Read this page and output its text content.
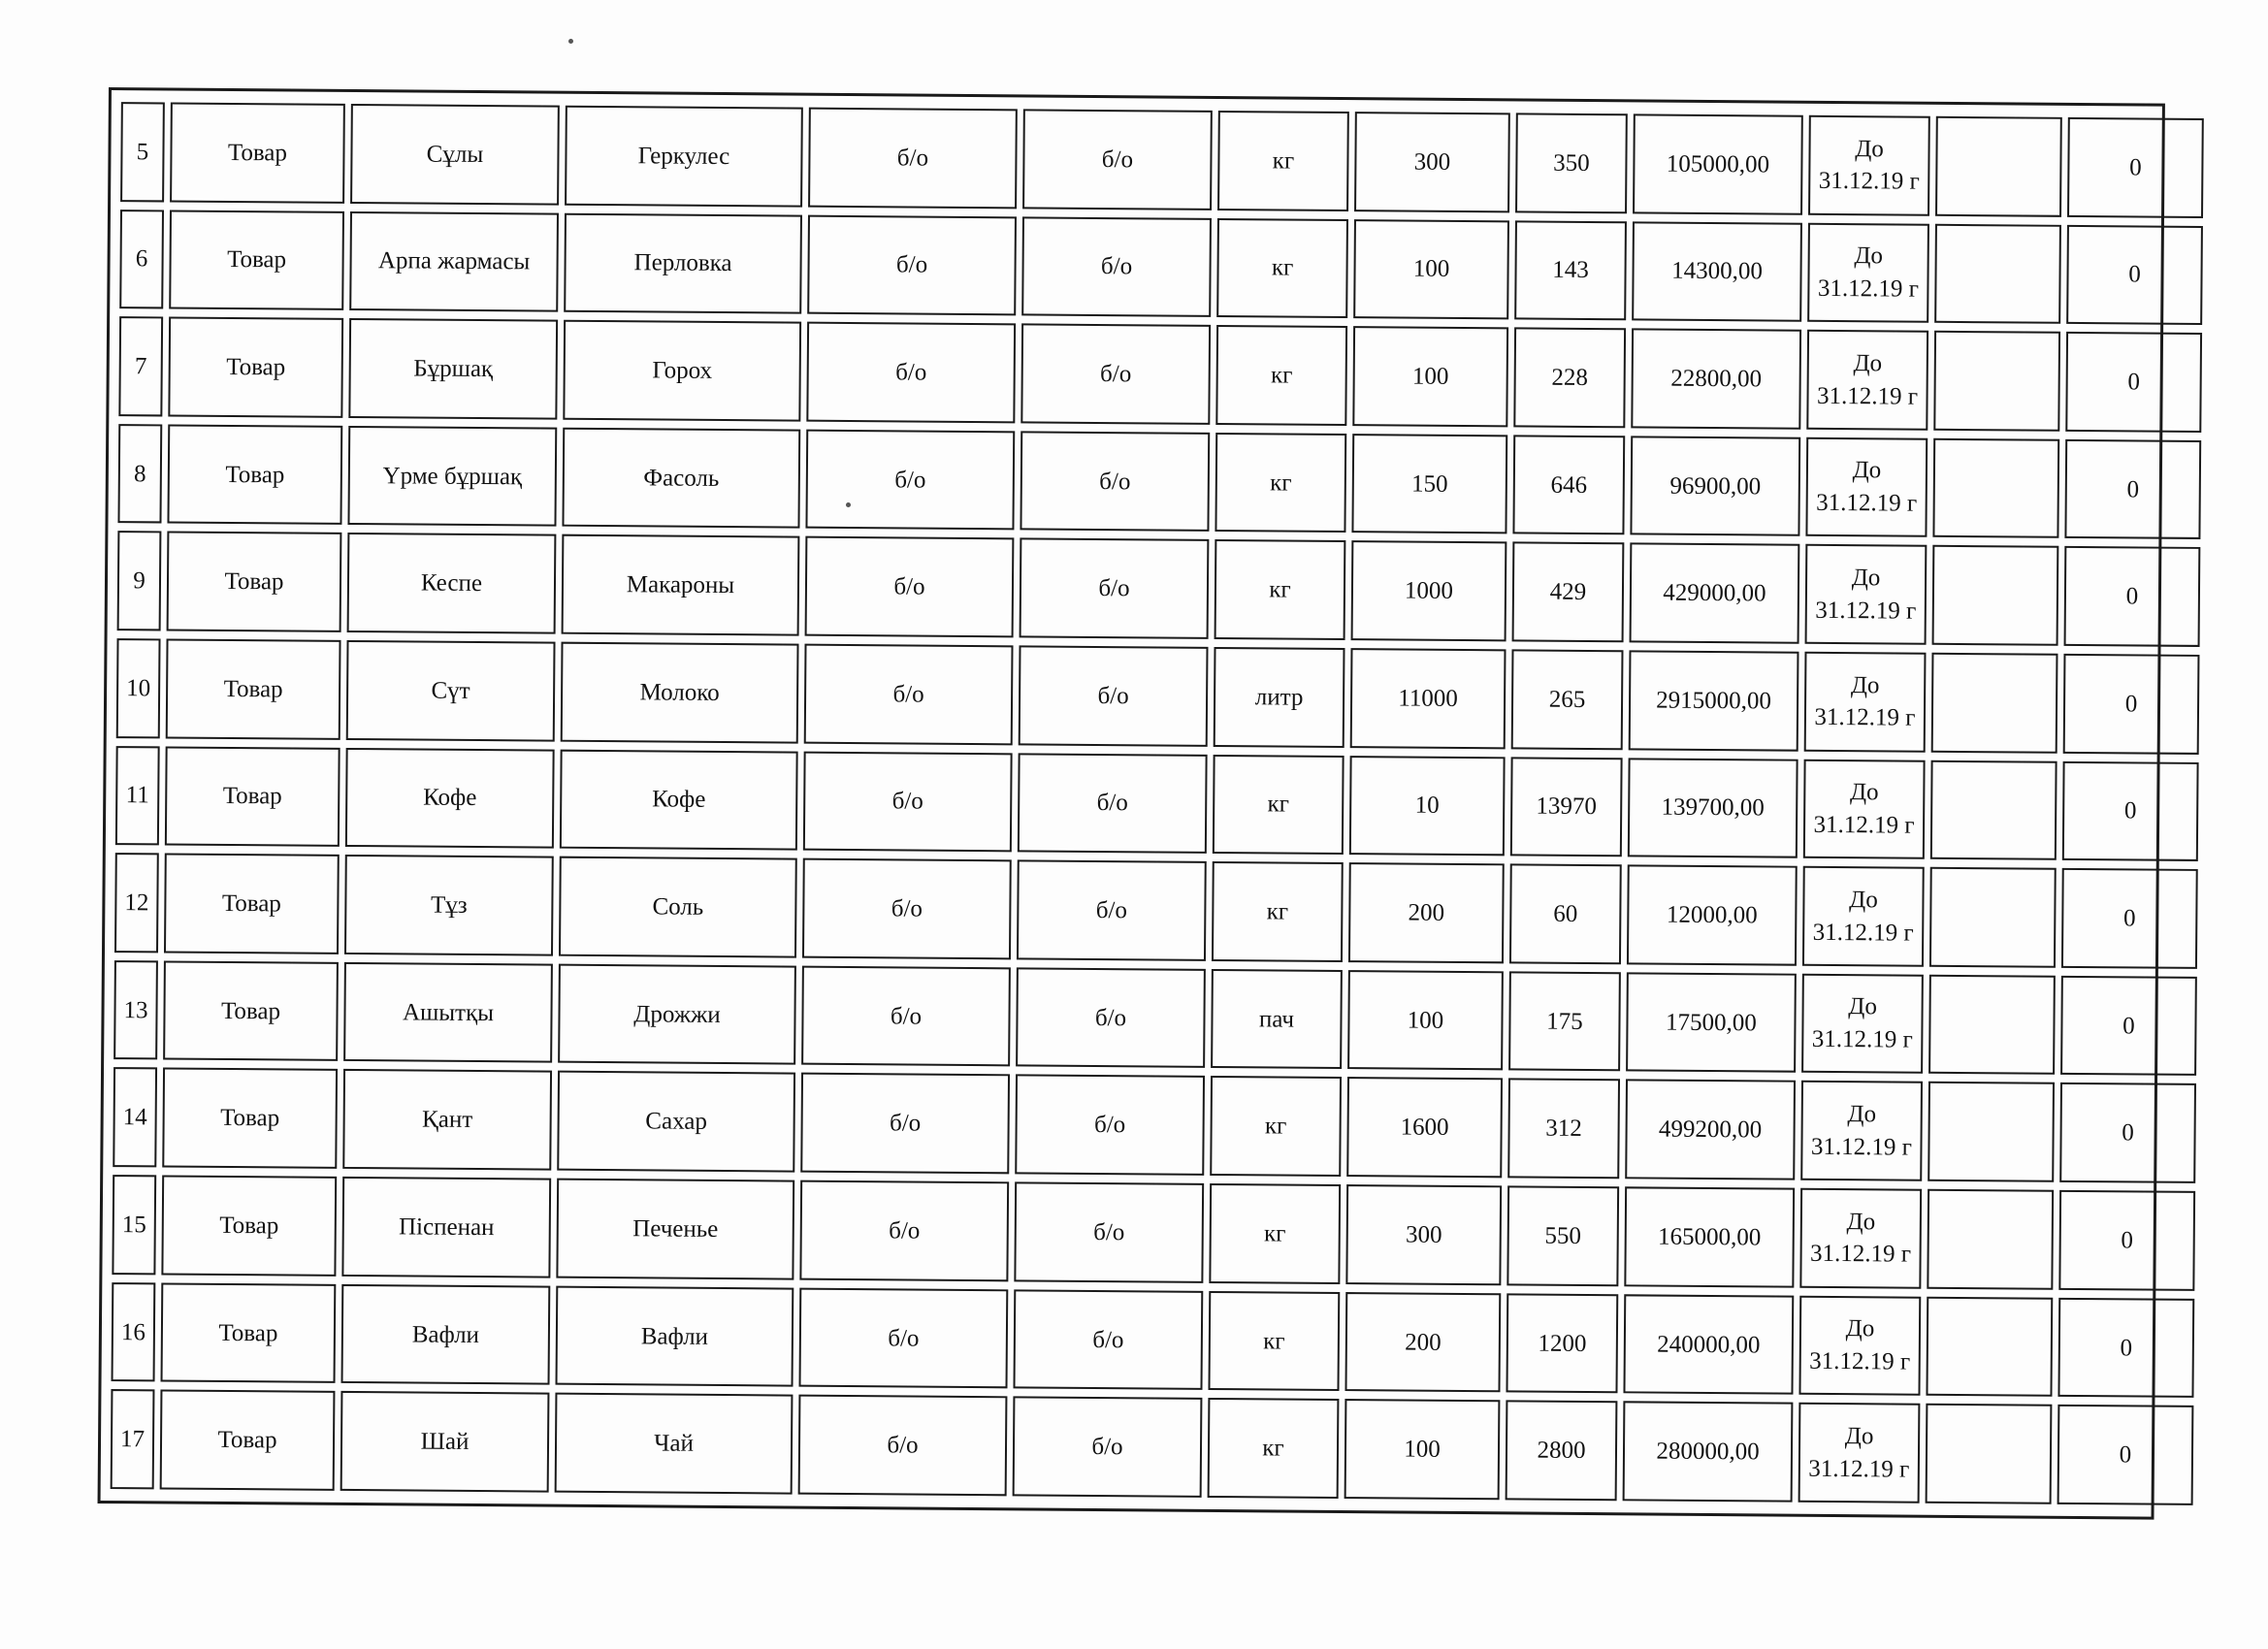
5	Товар	Сұлы	Геркулес	б/о	б/о	кг	300	350	105000,00	До
31.12.19 г		0
6	Товар	Арпа жармасы	Перловка	б/о	б/о	кг	100	143	14300,00	До
31.12.19 г		0
7	Товар	Бұршақ	Горох	б/о	б/о	кг	100	228	22800,00	До
31.12.19 г		0
8	Товар	Үрме бұршақ	Фасоль	б/о	б/о	кг	150	646	96900,00	До
31.12.19 г		0
9	Товар	Кеспе	Макароны	б/о	б/о	кг	1000	429	429000,00	До
31.12.19 г		0
10	Товар	Сүт	Молоко	б/о	б/о	литр	11000	265	2915000,00	До
31.12.19 г		0
11	Товар	Кофе	Кофе	б/о	б/о	кг	10	13970	139700,00	До
31.12.19 г		0
12	Товар	Тұз	Соль	б/о	б/о	кг	200	60	12000,00	До
31.12.19 г		0
13	Товар	Ашытқы	Дрожжи	б/о	б/о	пач	100	175	17500,00	До
31.12.19 г		0
14	Товар	Қант	Сахар	б/о	б/о	кг	1600	312	499200,00	До
31.12.19 г		0
15	Товар	Піспенан	Печенье	б/о	б/о	кг	300	550	165000,00	До
31.12.19 г		0
16	Товар	Вафли	Вафли	б/о	б/о	кг	200	1200	240000,00	До
31.12.19 г		0
17	Товар	Шай	Чай	б/о	б/о	кг	100	2800	280000,00	До
31.12.19 г		0
